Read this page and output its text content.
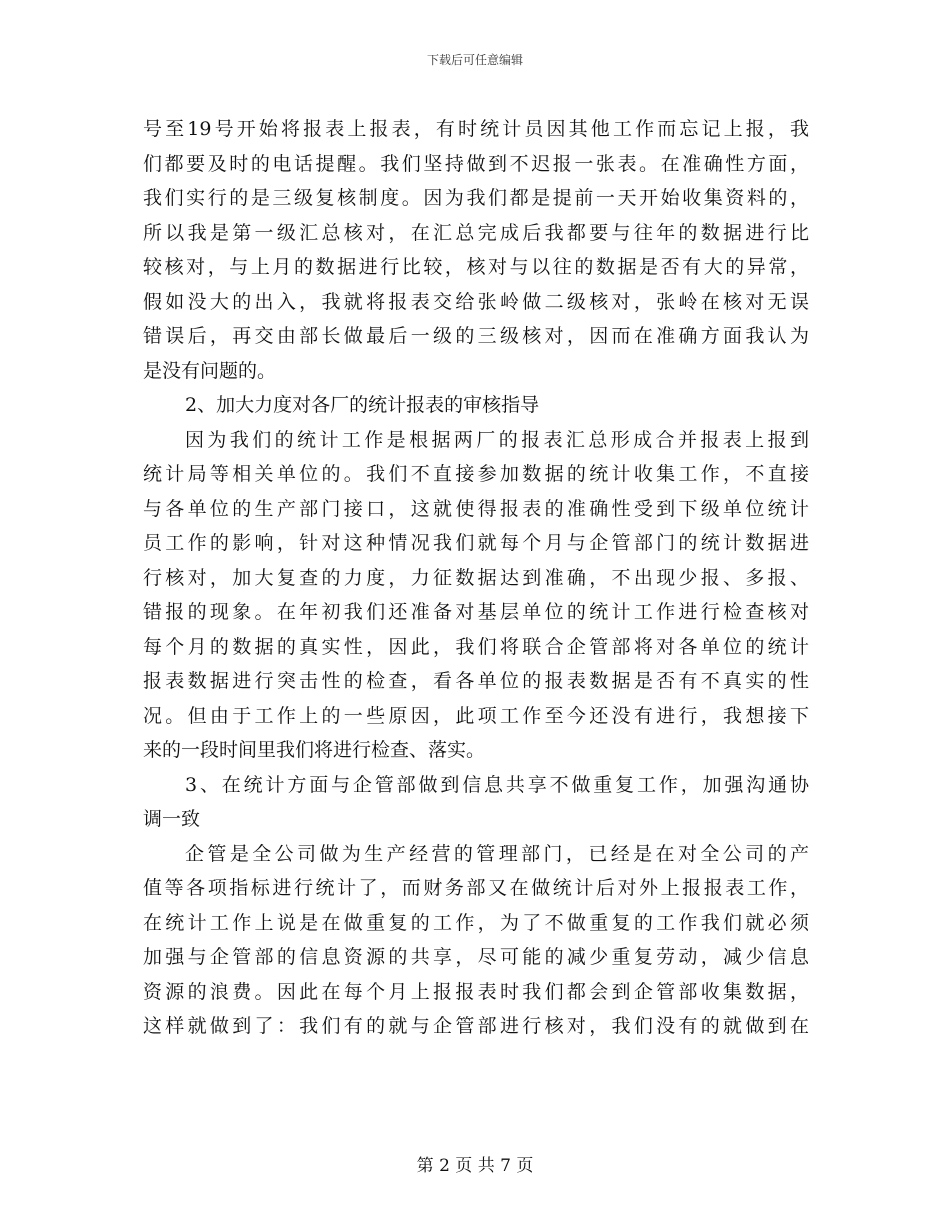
下载后可任意编辑
号至19号开始将报表上报表，有时统计员因其他工作而忘记上报，我
们都要及时的电话提醒。我们坚持做到不迟报一张表。在准确性方面，
我们实行的是三级复核制度。因为我们都是提前一天开始收集资料的，
所以我是第一级汇总核对，在汇总完成后我都要与往年的数据进行比
较核对，与上月的数据进行比较，核对与以往的数据是否有大的异常，
假如没大的出入，我就将报表交给张岭做二级核对，张岭在核对无误
错误后，再交由部长做最后一级的三级核对，因而在准确方面我认为
是没有问题的。
2、加大力度对各厂的统计报表的审核指导
因为我们的统计工作是根据两厂的报表汇总形成合并报表上报到
统计局等相关单位的。我们不直接参加数据的统计收集工作，不直接
与各单位的生产部门接口，这就使得报表的准确性受到下级单位统计
员工作的影响，针对这种情况我们就每个月与企管部门的统计数据进
行核对，加大复查的力度，力征数据达到准确，不出现少报、多报、
错报的现象。在年初我们还准备对基层单位的统计工作进行检查核对
每个月的数据的真实性，因此，我们将联合企管部将对各单位的统计
报表数据进行突击性的检查，看各单位的报表数据是否有不真实的性
况。但由于工作上的一些原因，此项工作至今还没有进行，我想接下
来的一段时间里我们将进行检查、落实。
3、在统计方面与企管部做到信息共享不做重复工作，加强沟通协
调一致
企管是全公司做为生产经营的管理部门，已经是在对全公司的产
值等各项指标进行统计了，而财务部又在做统计后对外上报报表工作，
在统计工作上说是在做重复的工作，为了不做重复的工作我们就必须
加强与企管部的信息资源的共享，尽可能的减少重复劳动，减少信息
资源的浪费。因此在每个月上报报表时我们都会到企管部收集数据，
这样就做到了：我们有的就与企管部进行核对，我们没有的就做到在
第 2 页 共 7 页
